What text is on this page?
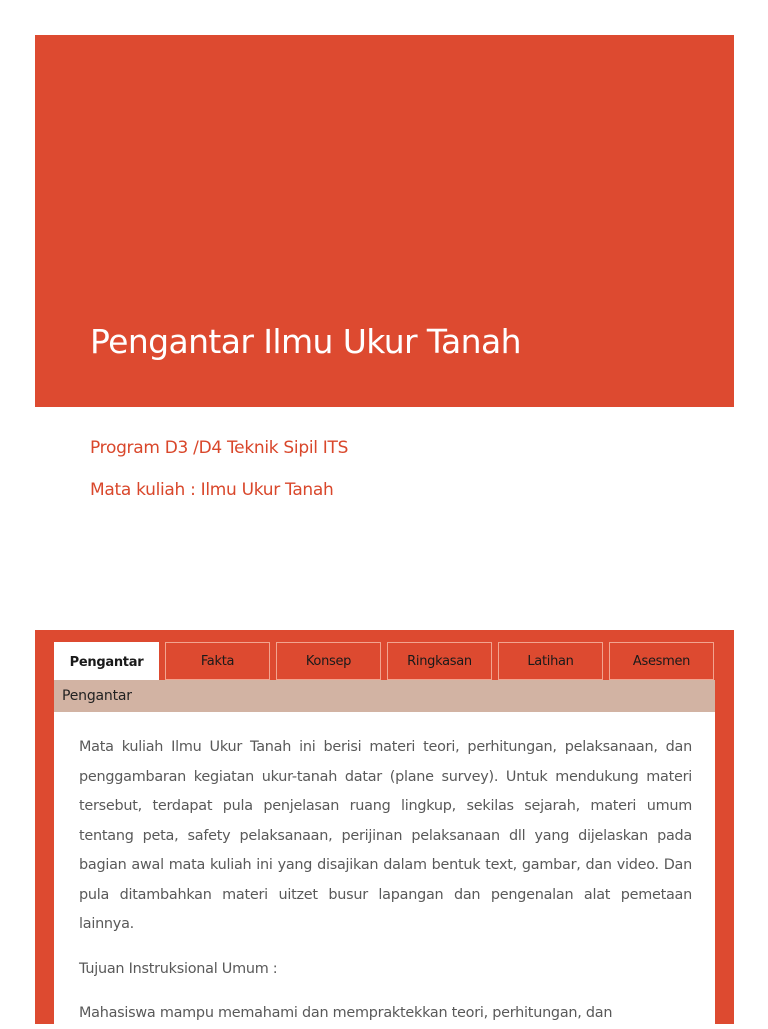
Pengantar Ilmu Ukur Tanah
Program D3 /D4 Teknik Sipil ITS
Mata kuliah : Ilmu Ukur Tanah
Pengantar	Fakta	Konsep	Ringkasan	Latihan	Asesmen
Pengantar

Mata kuliah Ilmu Ukur Tanah ini berisi materi teori, perhitungan, pelaksanaan, dan penggambaran kegiatan ukur-tanah datar (plane survey). Untuk mendukung materi tersebut, terdapat pula penjelasan ruang lingkup, sekilas sejarah, materi umum tentang peta, safety pelaksanaan, perijinan pelaksanaan dll yang dijelaskan pada bagian awal mata kuliah ini yang disajikan dalam bentuk text, gambar, dan video. Dan pula ditambahkan materi uitzet busur lapangan dan pengenalan alat pemetaan lainnya.

Tujuan Instruksional Umum :

Mahasiswa mampu memahami dan mempraktekkan teori, perhitungan, dan
